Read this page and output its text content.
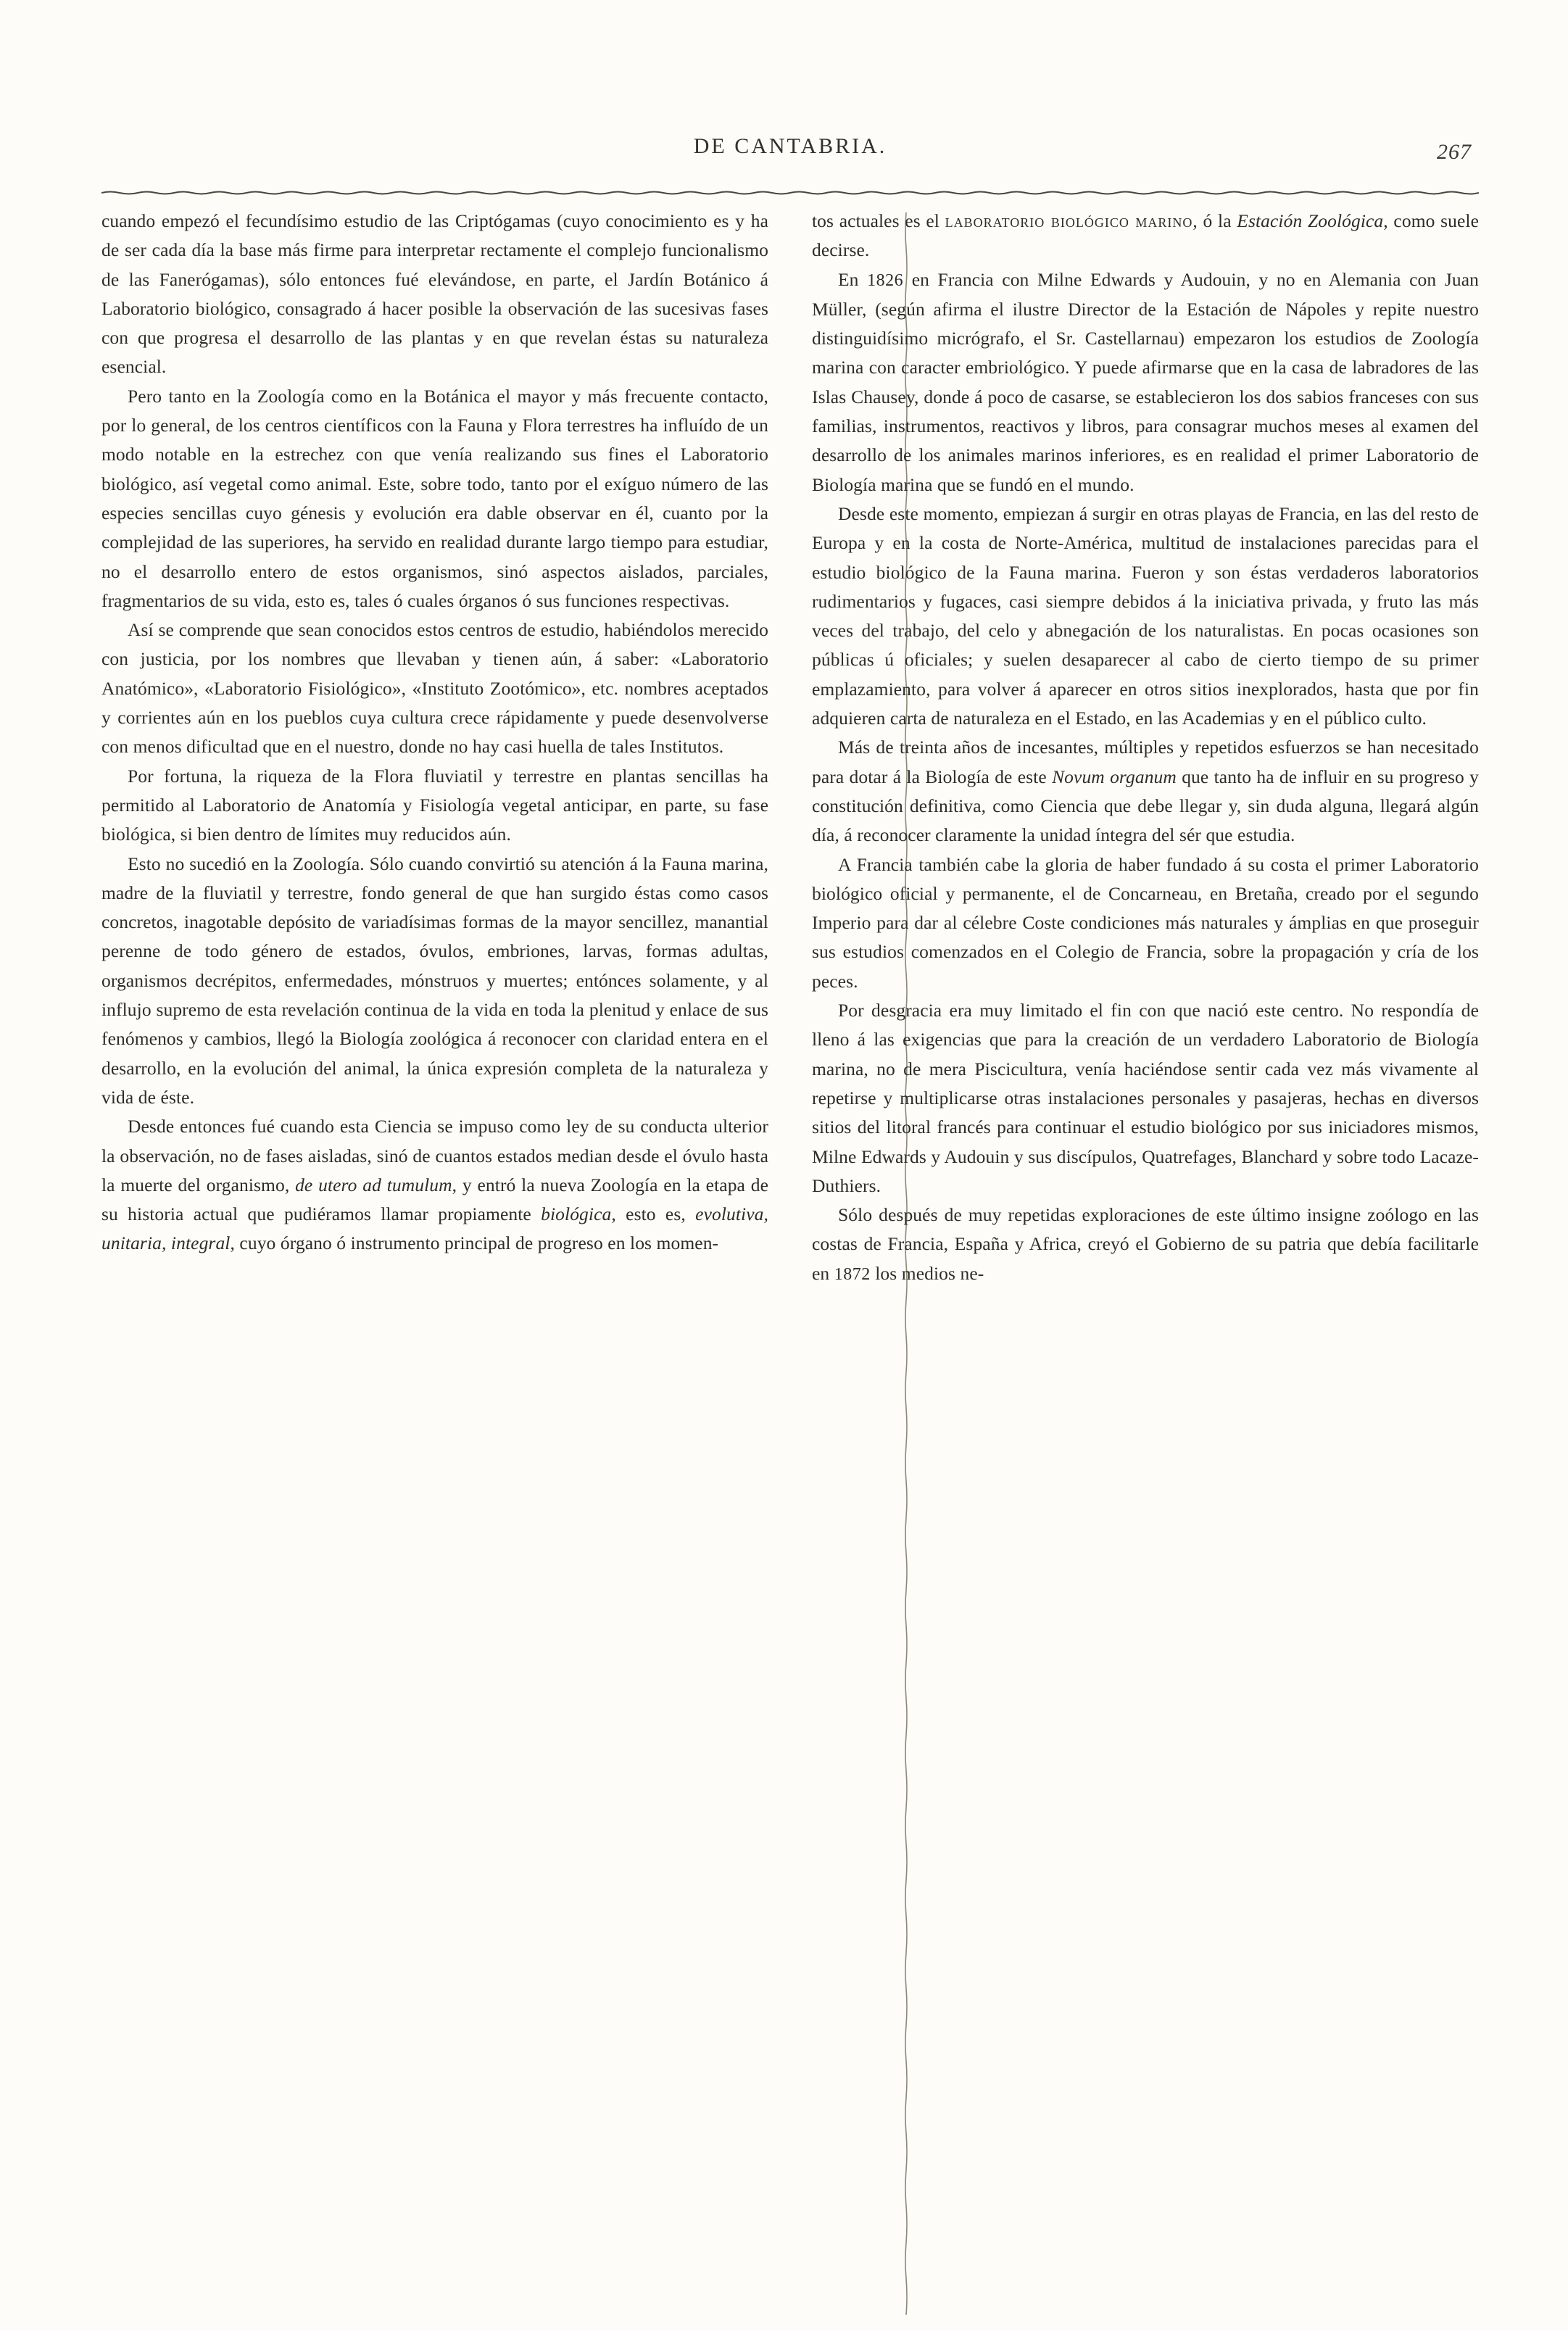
DE CANTABRIA.	267

cuando empezó el fecundísimo estudio de las Criptógamas (cuyo conocimiento es y ha de ser cada día la base más firme para interpretar rectamente el complejo funcionalismo de las Fanerógamas), sólo entonces fué elevándose, en parte, el Jardín Botánico á Laboratorio biológico, consagrado á hacer posible la observación de las sucesivas fases con que progresa el desarrollo de las plantas y en que revelan éstas su naturaleza esencial.

Pero tanto en la Zoología como en la Botánica el mayor y más frecuente contacto, por lo general, de los centros científicos con la Fauna y Flora terrestres ha influído de un modo notable en la estrechez con que venía realizando sus fines el Laboratorio biológico, así vegetal como animal. Este, sobre todo, tanto por el exíguo número de las especies sencillas cuyo génesis y evolución era dable observar en él, cuanto por la complejidad de las superiores, ha servido en realidad durante largo tiempo para estudiar, no el desarrollo entero de estos organismos, sinó aspectos aislados, parciales, fragmentarios de su vida, esto es, tales ó cuales órganos ó sus funciones respectivas.

Así se comprende que sean conocidos estos centros de estudio, habiéndolos merecido con justicia, por los nombres que llevaban y tienen aún, á saber: «Laboratorio Anatómico», «Laboratorio Fisiológico», «Instituto Zootómico», etc. nombres aceptados y corrientes aún en los pueblos cuya cultura crece rápidamente y puede desenvolverse con menos dificultad que en el nuestro, donde no hay casi huella de tales Institutos.

Por fortuna, la riqueza de la Flora fluviatil y terrestre en plantas sencillas ha permitido al Laboratorio de Anatomía y Fisiología vegetal anticipar, en parte, su fase biológica, si bien dentro de límites muy reducidos aún.

Esto no sucedió en la Zoología. Sólo cuando convirtió su atención á la Fauna marina, madre de la fluviatil y terrestre, fondo general de que han surgido éstas como casos concretos, inagotable depósito de variadísimas formas de la mayor sencillez, manantial perenne de todo género de estados, óvulos, embriones, larvas, formas adultas, organismos decrépitos, enfermedades, mónstruos y muertes; entónces solamente, y al influjo supremo de esta revelación continua de la vida en toda la plenitud y enlace de sus fenómenos y cambios, llegó la Biología zoológica á reconocer con claridad entera en el desarrollo, en la evolución del animal, la única expresión completa de la naturaleza y vida de éste.

Desde entonces fué cuando esta Ciencia se impuso como ley de su conducta ulterior la observación, no de fases aisladas, sinó de cuantos estados median desde el óvulo hasta la muerte del organismo, de utero ad tumulum, y entró la nueva Zoología en la etapa de su historia actual que pudiéramos llamar propiamente biológica, esto es, evolutiva, unitaria, integral, cuyo órgano ó instrumento principal de progreso en los momen-

tos actuales es el laboratorio biológico marino, ó la Estación Zoológica, como suele decirse.

En 1826 en Francia con Milne Edwards y Audouin, y no en Alemania con Juan Müller, (según afirma el ilustre Director de la Estación de Nápoles y repite nuestro distinguidísimo micrógrafo, el Sr. Castellarnau) empezaron los estudios de Zoología marina con caracter embriológico. Y puede afirmarse que en la casa de labradores de las Islas Chausey, donde á poco de casarse, se establecieron los dos sabios franceses con sus familias, instrumentos, reactivos y libros, para consagrar muchos meses al examen del desarrollo de los animales marinos inferiores, es en realidad el primer Laboratorio de Biología marina que se fundó en el mundo.

Desde este momento, empiezan á surgir en otras playas de Francia, en las del resto de Europa y en la costa de Norte-América, multitud de instalaciones parecidas para el estudio biológico de la Fauna marina. Fueron y son éstas verdaderos laboratorios rudimentarios y fugaces, casi siempre debidos á la iniciativa privada, y fruto las más veces del trabajo, del celo y abnegación de los naturalistas. En pocas ocasiones son públicas ú oficiales; y suelen desaparecer al cabo de cierto tiempo de su primer emplazamiento, para volver á aparecer en otros sitios inexplorados, hasta que por fin adquieren carta de naturaleza en el Estado, en las Academias y en el público culto.

Más de treinta años de incesantes, múltiples y repetidos esfuerzos se han necesitado para dotar á la Biología de este Novum organum que tanto ha de influir en su progreso y constitución definitiva, como Ciencia que debe llegar y, sin duda alguna, llegará algún día, á reconocer claramente la unidad íntegra del sér que estudia.

A Francia también cabe la gloria de haber fundado á su costa el primer Laboratorio biológico oficial y permanente, el de Concarneau, en Bretaña, creado por el segundo Imperio para dar al célebre Coste condiciones más naturales y ámplias en que proseguir sus estudios comenzados en el Colegio de Francia, sobre la propagación y cría de los peces.

Por desgracia era muy limitado el fin con que nació este centro. No respondía de lleno á las exigencias que para la creación de un verdadero Laboratorio de Biología marina, no de mera Piscicultura, venía haciéndose sentir cada vez más vivamente al repetirse y multiplicarse otras instalaciones personales y pasajeras, hechas en diversos sitios del litoral francés para continuar el estudio biológico por sus iniciadores mismos, Milne Edwards y Audouin y sus discípulos, Quatrefages, Blanchard y sobre todo Lacaze-Duthiers.

Sólo después de muy repetidas exploraciones de este último insigne zoólogo en las costas de Francia, España y Africa, creyó el Gobierno de su patria que debía facilitarle en 1872 los medios ne-
